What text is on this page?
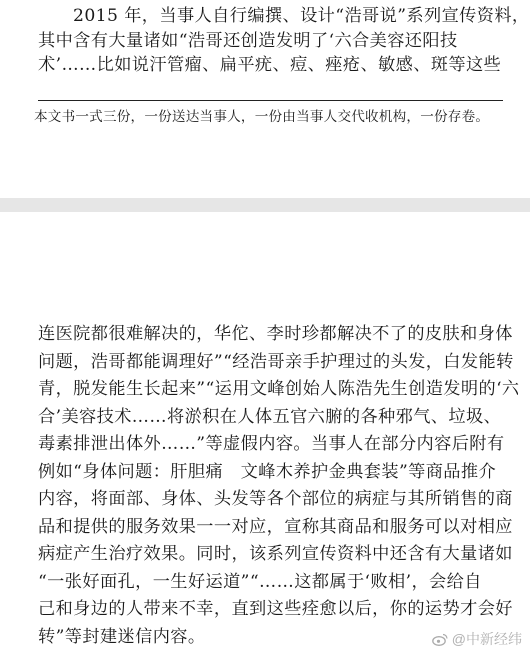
2015 年，当事人自行编撰、设计“浩哥说”系列宣传资料，
其中含有大量诸如“浩哥还创造发明了‘六合美容还阳技
术’……比如说汗管瘤、扁平疣、痘、痤疮、敏感、斑等这些

本文书一式三份，一份送达当事人，一份由当事人交代收机构，一份存卷。

连医院都很难解决的，华佗、李时珍都解决不了的皮肤和身体
问题，浩哥都能调理好”“经浩哥亲手护理过的头发，白发能转
青，脱发能生长起来”“运用文峰创始人陈浩先生创造发明的‘六
合’美容技术……将淤积在人体五官六腑的各种邪气、垃圾、
毒素排泄出体外……”等虚假内容。当事人在部分内容后附有
例如“身体问题：肝胆痛　文峰木养护金典套装”等商品推介
内容，将面部、身体、头发等各个部位的病症与其所销售的商
品和提供的服务效果一一对应，宣称其商品和服务可以对相应
病症产生治疗效果。同时，该系列宣传资料中还含有大量诸如
“一张好面孔，一生好运道”“……这都属于‘败相’，会给自
己和身边的人带来不幸，直到这些痊愈以后，你的运势才会好
转”等封建迷信内容。	@中新经纬
